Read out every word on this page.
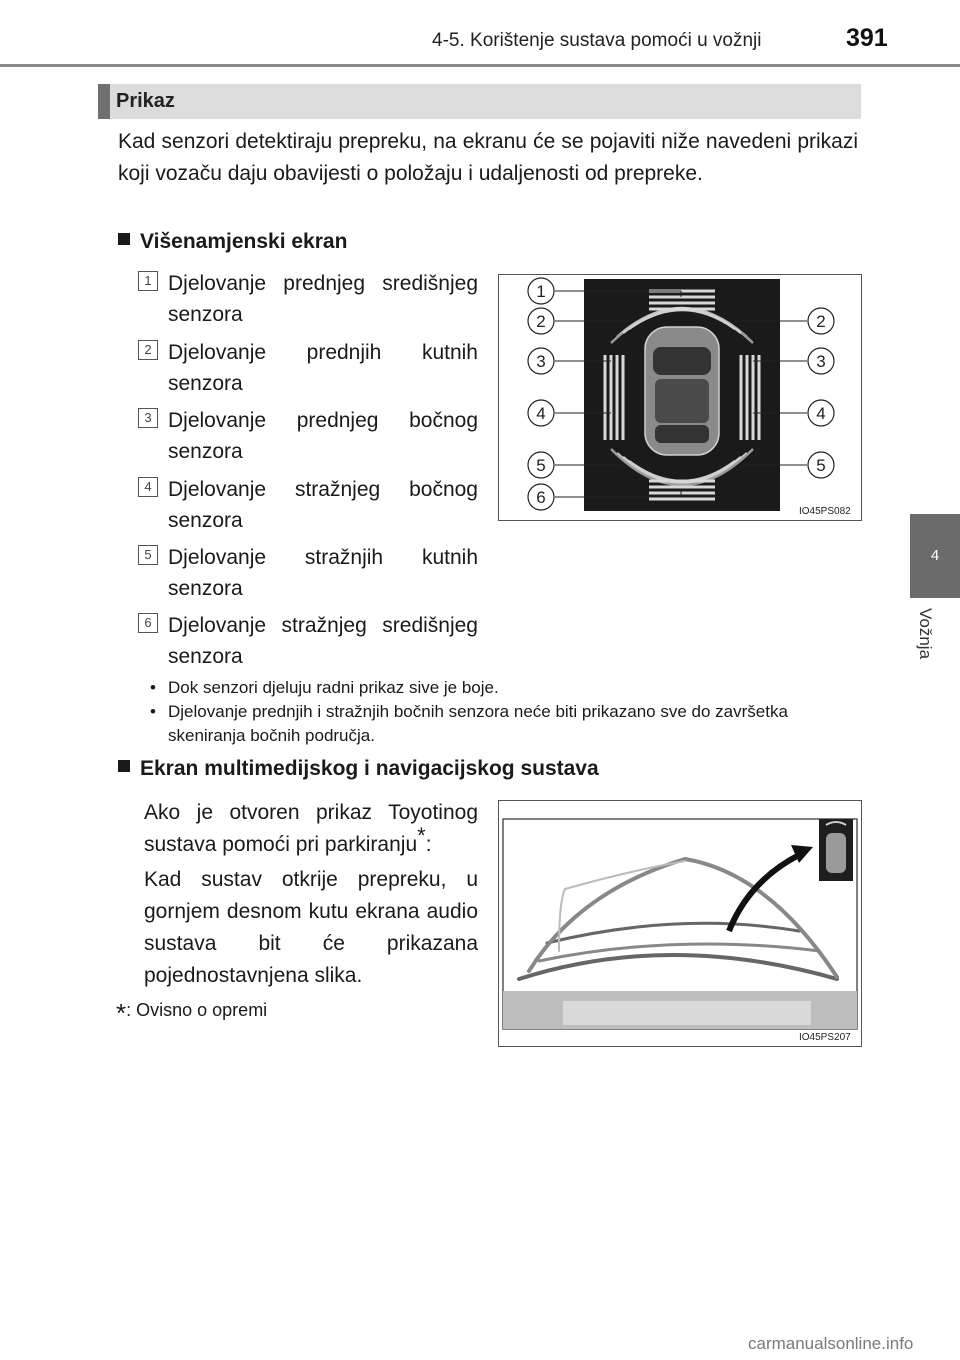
4-5. Korištenje sustava pomoći u vožnji	391
4
Vožnja
Prikaz
Kad senzori detektiraju prepreku, na ekranu će se pojaviti niže navedeni prikazi koji vozaču daju obavijesti o položaju i udaljenosti od prepreke.
Višenamjenski ekran
1 Djelovanje prednjeg središnjeg senzora
2 Djelovanje prednjih kutnih senzora
3 Djelovanje prednjeg bočnog senzora
4 Djelovanje stražnjeg bočnog senzora
5 Djelovanje stražnjih kutnih senzora
6 Djelovanje stražnjeg središnjeg senzora
1
2
3
4
5
6
2
3
4
5
IO45PS082
• Dok senzori djeluju radni prikaz sive je boje.
• Djelovanje prednjih i stražnjih bočnih senzora neće biti prikazano sve do završetka skeniranja bočnih područja.
Ekran multimedijskog i navigacijskog sustava
Ako je otvoren prikaz Toyotinog sustava pomoći pri parkiranju*:
Kad sustav otkrije prepreku, u gornjem desnom kutu ekrana audio sustava bit će prikazana pojednostavnjena slika.
*: Ovisno o opremi
IO45PS207
carmanualsonline.info
